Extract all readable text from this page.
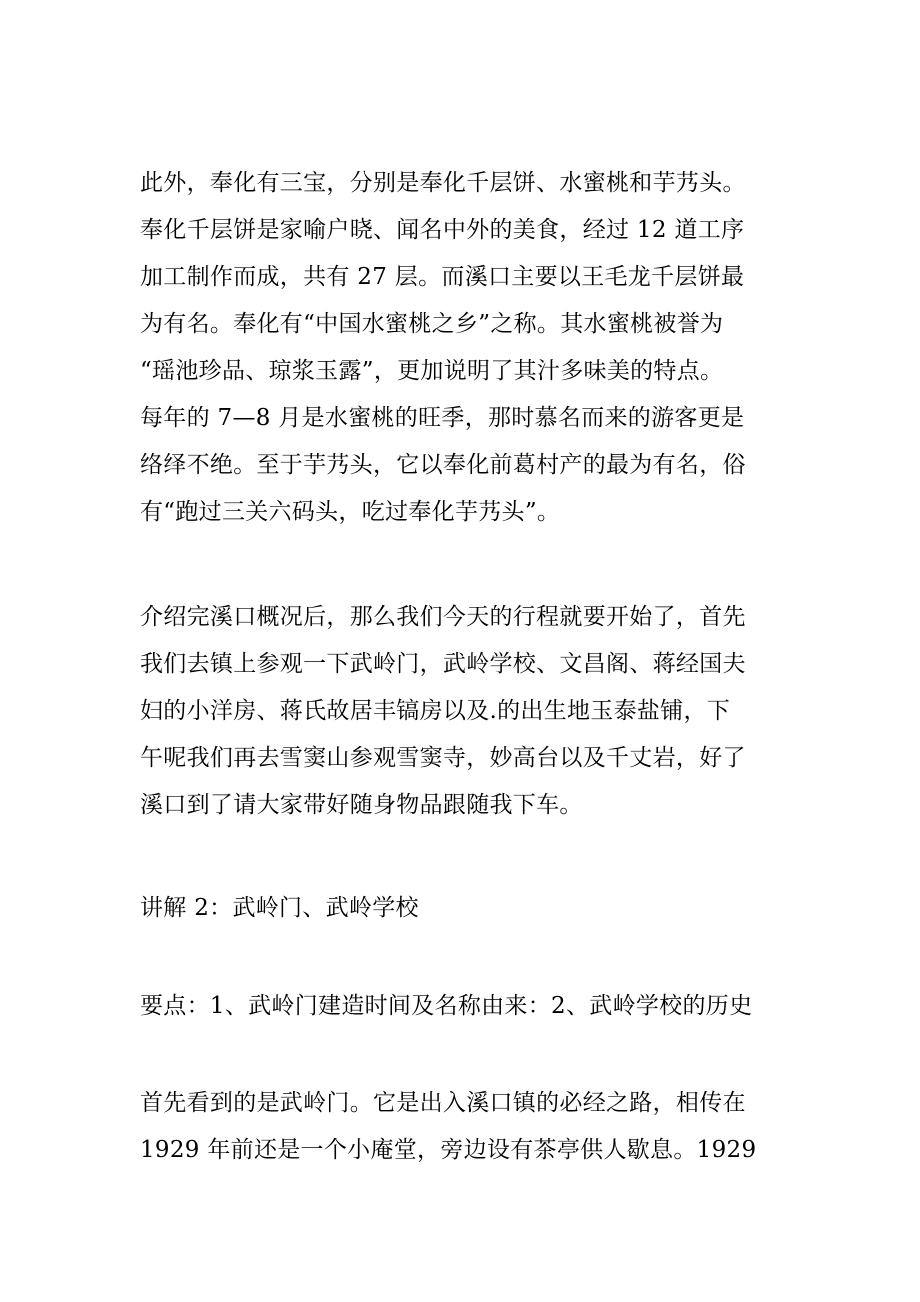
此外，奉化有三宝，分别是奉化千层饼、水蜜桃和芋艿头。
奉化千层饼是家喻户晓、闻名中外的美食，经过 12 道工序
加工制作而成，共有 27 层。而溪口主要以王毛龙千层饼最
为有名。奉化有“中国水蜜桃之乡”之称。其水蜜桃被誉为
“瑶池珍品、琼浆玉露”，更加说明了其汁多味美的特点。
每年的 7—8 月是水蜜桃的旺季，那时慕名而来的游客更是
络绎不绝。至于芋艿头，它以奉化前葛村产的最为有名，俗
有“跑过三关六码头，吃过奉化芋艿头”。

介绍完溪口概况后，那么我们今天的行程就要开始了，首先
我们去镇上参观一下武岭门，武岭学校、文昌阁、蒋经国夫
妇的小洋房、蒋氏故居丰镐房以及.的出生地玉泰盐铺，下
午呢我们再去雪窦山参观雪窦寺，妙高台以及千丈岩，好了
溪口到了请大家带好随身物品跟随我下车。

讲解 2：武岭门、武岭学校

要点：1、武岭门建造时间及名称由来：2、武岭学校的历史

首先看到的是武岭门。它是出入溪口镇的必经之路，相传在
1929 年前还是一个小庵堂，旁边设有茶亭供人歇息。1929
